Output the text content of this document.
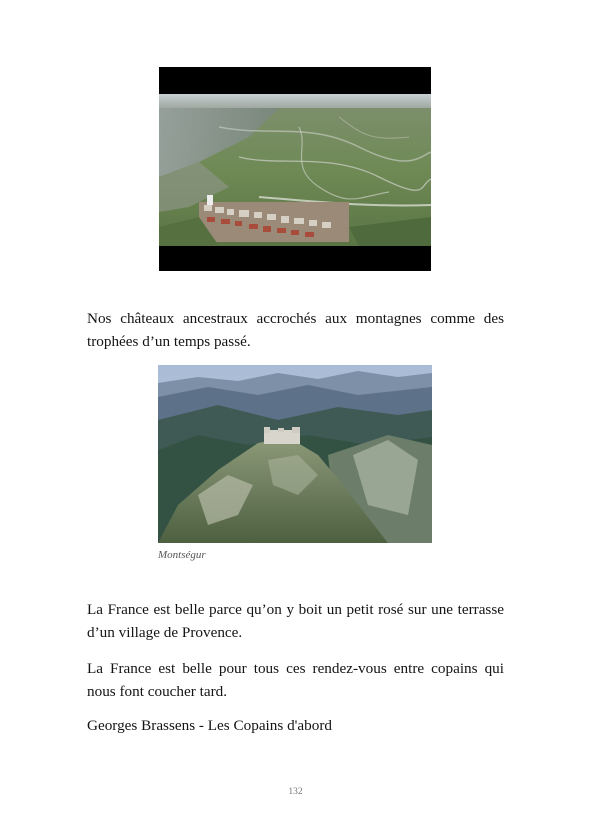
Nos châteaux ancestraux accrochés aux montagnes comme des trophées d’un temps passé.

Montségur

La France est belle parce qu’on y boit un petit rosé sur une terrasse d’un village de Provence.

La France est belle pour tous ces rendez-vous entre copains qui nous font coucher tard.

Georges Brassens - Les Copains d'abord

132
